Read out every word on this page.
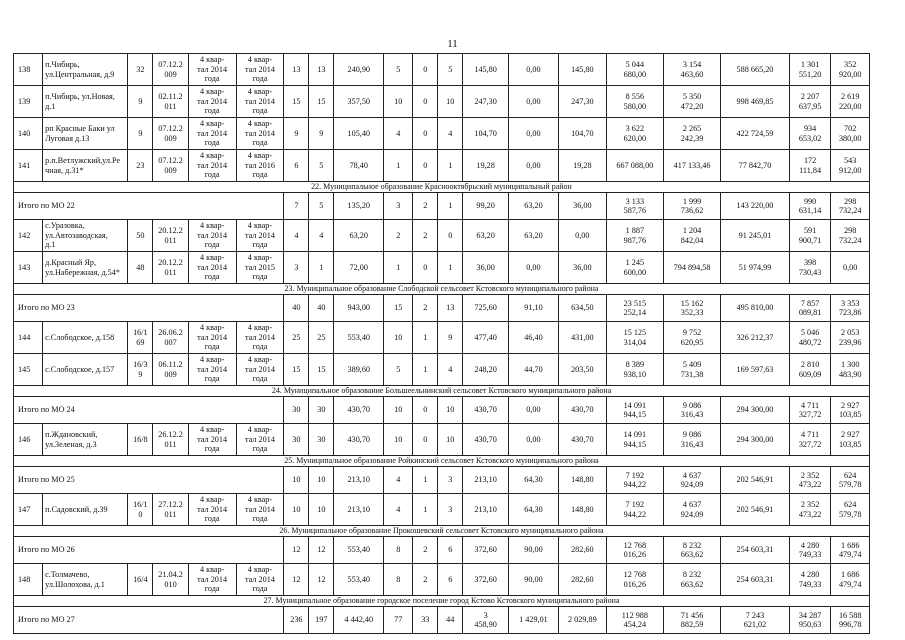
11
138	п.Чибирь,
ул.Центральная, д.9	32	07.12.2
009	4 квар-
тал 2014
года	4 квар-
тал 2014
года	13	13	240,90	5	0	5	145,80	0,00	145,80	5 044
680,00	3 154
463,60	588 665,20	1 301
551,20	352
920,00
139	п.Чибирь, ул.Новая,
д.1	9	02.11.2
011	4 квар-
тал 2014
года	4 квар-
тал 2014
года	15	15	357,50	10	0	10	247,30	0,00	247,30	8 556
580,00	5 350
472,20	998 469,85	2 207
637,95	2 619
220,00
140	рп Красные Баки ул
Луговая д.13	9	07.12.2
009	4 квар-
тал 2014
года	4 квар-
тал 2014
года	9	9	105,40	4	0	4	104,70	0,00	104,70	3 622
620,00	2 265
242,39	422 724,59	934
653,02	702
380,00
141	р.п.Ветлужский,ул.Ре
чная, д.31*	23	07.12.2
009	4 квар-
тал 2014
года	4 квар-
тал 2016
года	6	5	78,40	1	0	1	19,28	0,00	19,28	667 088,00	417 133,46	77 842,70	172
111,84	543
912,00
22. Муниципальное образование Краснооктябрьский муниципальный район																			
Итого по МО 22						7	5	135,20	3	2	1	99,20	63,20	36,00	3 133
587,76	1 999
736,62	143 220,00	990
631,14	298
732,24
142	с.Уразовка,
ул.Автозаводская,
д.1	50	20.12.2
011	4 квар-
тал 2014
года	4 квар-
тал 2014
года	4	4	63,20	2	2	0	63,20	63,20	0,00	1 887
987,76	1 204
842,04	91 245,01	591
900,71	298
732,24
143	д.Красный Яр,
ул.Набережная, д.54*	48	20.12.2
011	4 квар-
тал 2014
года	4 квар-
тал 2015
года	3	1	72,00	1	0	1	36,00	0,00	36,00	1 245
600,00	794 894,58	51 974,99	398
730,43	0,00
23. Муниципальное образование Слободской сельсовет Кстовского муниципального района																			
Итого по МО 23						40	40	943,00	15	2	13	725,60	91,10	634,50	23 515
252,14	15 162
352,33	495 810,00	7 857
089,81	3 353
723,86
144	с.Слободское, д.158	16/1
69	26.06.2
007	4 квар-
тал 2014
года	4 квар-
тал 2014
года	25	25	553,40	10	1	9	477,40	46,40	431,00	15 125
314,04	9 752
620,95	326 212,37	5 046
480,72	2 053
239,96
145	с.Слободское, д.157	16/3
9	06.11.2
009	4 квар-
тал 2014
года	4 квар-
тал 2014
года	15	15	389,60	5	1	4	248,20	44,70	203,50	8 389
938,10	5 409
731,38	169 597,63	2 810
609,09	1 300
483,90
24. Муниципальное образование Большеельнинский сельсовет Кстовского муниципального района																			
Итого по МО 24						30	30	430,70	10	0	10	430,70	0,00	430,70	14 091
944,15	9 086
316,43	294 300,00	4 711
327,72	2 927
103,85
146	п.Ждановский,
ул.Зеленая, д.3	16/8	26.12.2
011	4 квар-
тал 2014
года	4 квар-
тал 2014
года	30	30	430,70	10	0	10	430,70	0,00	430,70	14 091
944,15	9 086
316,43	294 300,00	4 711
327,72	2 927
103,85
25. Муниципальное образование Ройкинский сельсовет Кстовского муниципального района																			
Итого по МО 25						10	10	213,10	4	1	3	213,10	64,30	148,80	7 192
944,22	4 637
924,09	202 546,91	2 352
473,22	624
579,78
147	п.Садовский, д.39	16/1
0	27.12.2
011	4 квар-
тал 2014
года	4 квар-
тал 2014
года	10	10	213,10	4	1	3	213,10	64,30	148,80	7 192
944,22	4 637
924,09	202 546,91	2 352
473,22	624
579,78
26. Муниципальное образование Прокошевский сельсовет Кстовского муниципального района																			
Итого по МО 26						12	12	553,40	8	2	6	372,60	90,00	282,60	12 768
016,26	8 232
663,62	254 603,31	4 280
749,33	1 686
479,74
148	с.Толмачево,
ул.Шолохова, д.1	16/4	21.04.2
010	4 квар-
тал 2014
года	4 квар-
тал 2014
года	12	12	553,40	8	2	6	372,60	90,00	282,60	12 768
016,26	8 232
663,62	254 603,31	4 280
749,33	1 686
479,74
27. Муниципальное образование городское поселение город Кстово Кстовского муниципального района																			
Итого по МО 27						236	197	4 442,40	77	33	44	3
458,90	1 429,01	2 029,89	112 988
454,24	71 456
882,59	7 243
621,02	34 287
950,63	16 588
996,78
